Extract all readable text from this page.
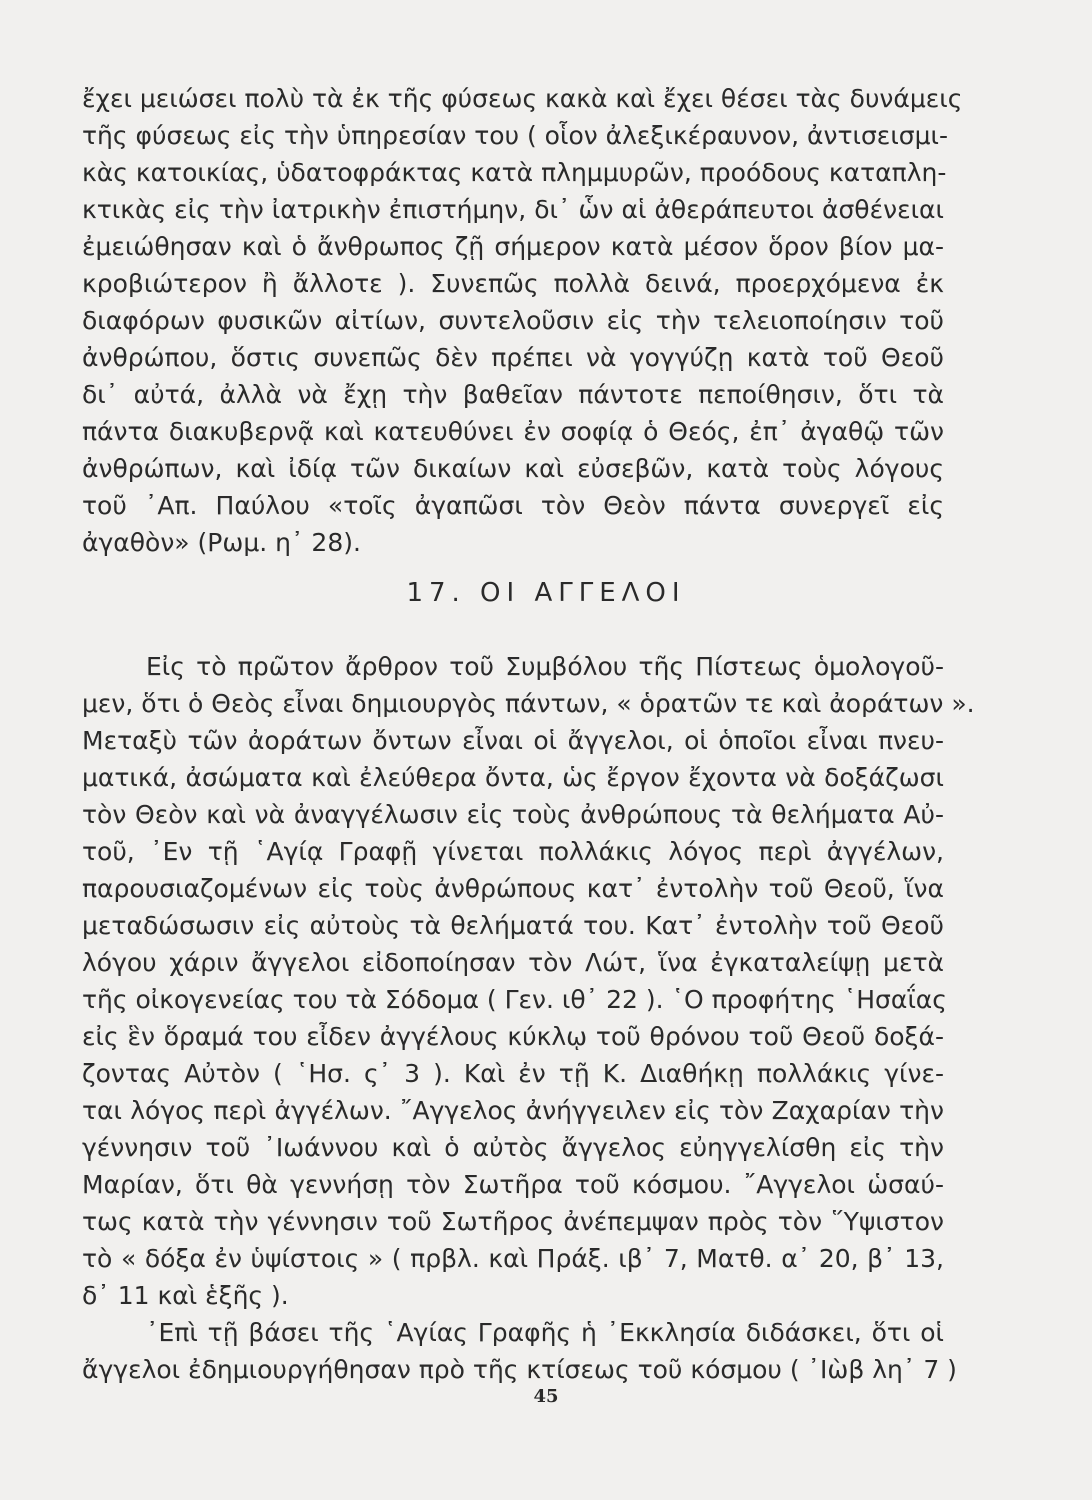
ἔχει μειώσει πολὺ τὰ ἐκ τῆς φύσεως κακὰ καὶ ἔχει θέσει τὰς δυνάμεις
τῆς φύσεως εἰς τὴν ὑπηρεσίαν του ( οἷον ἀλεξικέραυνον, ἀντισεισμι-
κὰς κατοικίας, ὑδατοφράκτας κατὰ πλημμυρῶν, προόδους καταπλη-
κτικὰς εἰς τὴν ἰατρικὴν ἐπιστήμην, δι᾽ ὧν αἱ ἀθεράπευτοι ἀσθένειαι
ἐμειώθησαν καὶ ὁ ἄνθρωπος ζῇ σήμερον κατὰ μέσον ὅρον βίον μα-
κροβιώτερον ἢ ἄλλοτε ). Συνεπῶς πολλὰ δεινά, προερχόμενα ἐκ
διαφόρων φυσικῶν αἰτίων, συντελοῦσιν εἰς τὴν τελειοποίησιν τοῦ
ἀνθρώπου, ὅστις συνεπῶς δὲν πρέπει νὰ γογγύζῃ κατὰ τοῦ Θεοῦ
δι᾽ αὐτά, ἀλλὰ νὰ ἔχῃ τὴν βαθεῖαν πάντοτε πεποίθησιν, ὅτι τὰ
πάντα διακυβερνᾷ καὶ κατευθύνει ἐν σοφίᾳ ὁ Θεός, ἐπ᾽ ἀγαθῷ τῶν
ἀνθρώπων, καὶ ἰδίᾳ τῶν δικαίων καὶ εὐσεβῶν, κατὰ τοὺς λόγους
τοῦ ᾽Απ. Παύλου «τοῖς ἀγαπῶσι τὸν Θεὸν πάντα συνεργεῖ εἰς
ἀγαθὸν» (Ρωμ. η᾽ 28).
17. ΟΙ ΑΓΓΕΛΟΙ
Εἰς τὸ πρῶτον ἄρθρον τοῦ Συμβόλου τῆς Πίστεως ὁμολογοῦ-
μεν, ὅτι ὁ Θεὸς εἶναι δημιουργὸς πάντων, « ὁρατῶν τε καὶ ἀοράτων ».
Μεταξὺ τῶν ἀοράτων ὄντων εἶναι οἱ ἄγγελοι, οἱ ὁποῖοι εἶναι πνευ-
ματικά, ἀσώματα καὶ ἐλεύθερα ὄντα, ὡς ἔργον ἔχοντα νὰ δοξάζωσι
τὸν Θεὸν καὶ νὰ ἀναγγέλωσιν εἰς τοὺς ἀνθρώπους τὰ θελήματα Αὐ-
τοῦ, ᾽Εν τῇ ῾Αγίᾳ Γραφῇ γίνεται πολλάκις λόγος περὶ ἀγγέλων,
παρουσιαζομένων εἰς τοὺς ἀνθρώπους κατ᾽ ἐντολὴν τοῦ Θεοῦ, ἵνα
μεταδώσωσιν εἰς αὐτοὺς τὰ θελήματά του. Κατ᾽ ἐντολὴν τοῦ Θεοῦ
λόγου χάριν ἄγγελοι εἰδοποίησαν τὸν Λώτ, ἵνα ἐγκαταλείψῃ μετὰ
τῆς οἰκογενείας του τὰ Σόδομα ( Γεν. ιθ᾽ 22 ). ῾Ο προφήτης ῾Ησαΐας
εἰς ἓν ὅραμά του εἶδεν ἀγγέλους κύκλῳ τοῦ θρόνου τοῦ Θεοῦ δοξά-
ζοντας Αὐτὸν ( ῾Ησ. ς᾽ 3 ). Καὶ ἐν τῇ Κ. Διαθήκῃ πολλάκις γίνε-
ται λόγος περὶ ἀγγέλων. ῎Αγγελος ἀνήγγειλεν εἰς τὸν Ζαχαρίαν τὴν
γέννησιν τοῦ ᾽Ιωάννου καὶ ὁ αὐτὸς ἄγγελος εὐηγγελίσθη εἰς τὴν
Μαρίαν, ὅτι θὰ γεννήσῃ τὸν Σωτῆρα τοῦ κόσμου. ῎Αγγελοι ὡσαύ-
τως κατὰ τὴν γέννησιν τοῦ Σωτῆρος ἀνέπεμψαν πρὸς τὸν ῞Υψιστον
τὸ « δόξα ἐν ὑψίστοις » ( πρβλ. καὶ Πράξ. ιβ᾽ 7, Ματθ. α᾽ 20, β᾽ 13,
δ᾽ 11 καὶ ἑξῆς ).
᾽Επὶ τῇ βάσει τῆς ῾Αγίας Γραφῆς ἡ ᾽Εκκλησία διδάσκει, ὅτι οἱ
ἄγγελοι ἐδημιουργήθησαν πρὸ τῆς κτίσεως τοῦ κόσμου ( ᾽Ιὼβ λη᾽ 7 )
45
